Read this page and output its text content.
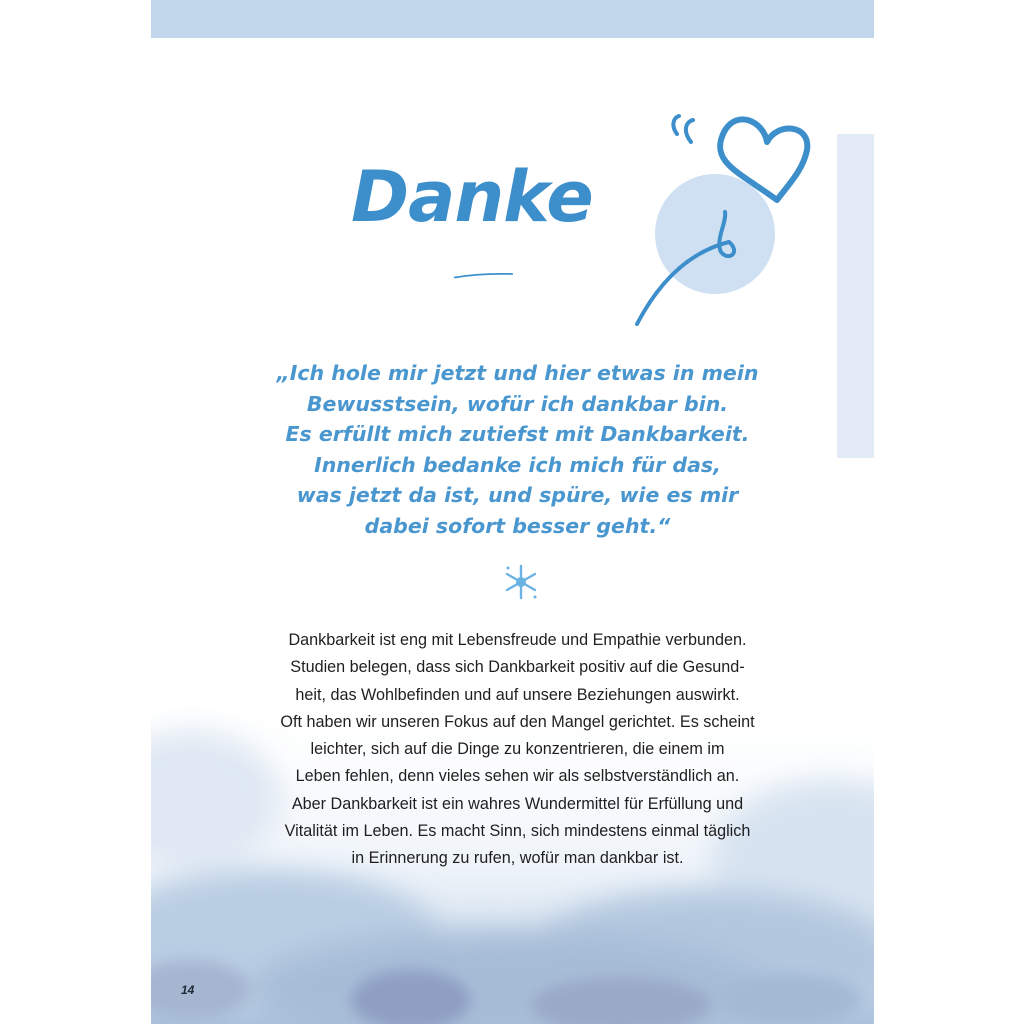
Danke
„Ich hole mir jetzt und hier etwas in mein
Bewusstsein, wofür ich dankbar bin.
Es erfüllt mich zutiefst mit Dankbarkeit.
Innerlich bedanke ich mich für das,
was jetzt da ist, und spüre, wie es mir
dabei sofort besser geht.“
Dankbarkeit ist eng mit Lebensfreude und Empathie verbunden.
Studien belegen, dass sich Dankbarkeit positiv auf die Gesund-
heit, das Wohlbefinden und auf unsere Beziehungen auswirkt.
Oft haben wir unseren Fokus auf den Mangel gerichtet. Es scheint
leichter, sich auf die Dinge zu konzentrieren, die einem im
Leben fehlen, denn vieles sehen wir als selbstverständlich an.
Aber Dankbarkeit ist ein wahres Wundermittel für Erfüllung und
Vitalität im Leben. Es macht Sinn, sich mindestens einmal täglich
in Erinnerung zu rufen, wofür man dankbar ist.
14
